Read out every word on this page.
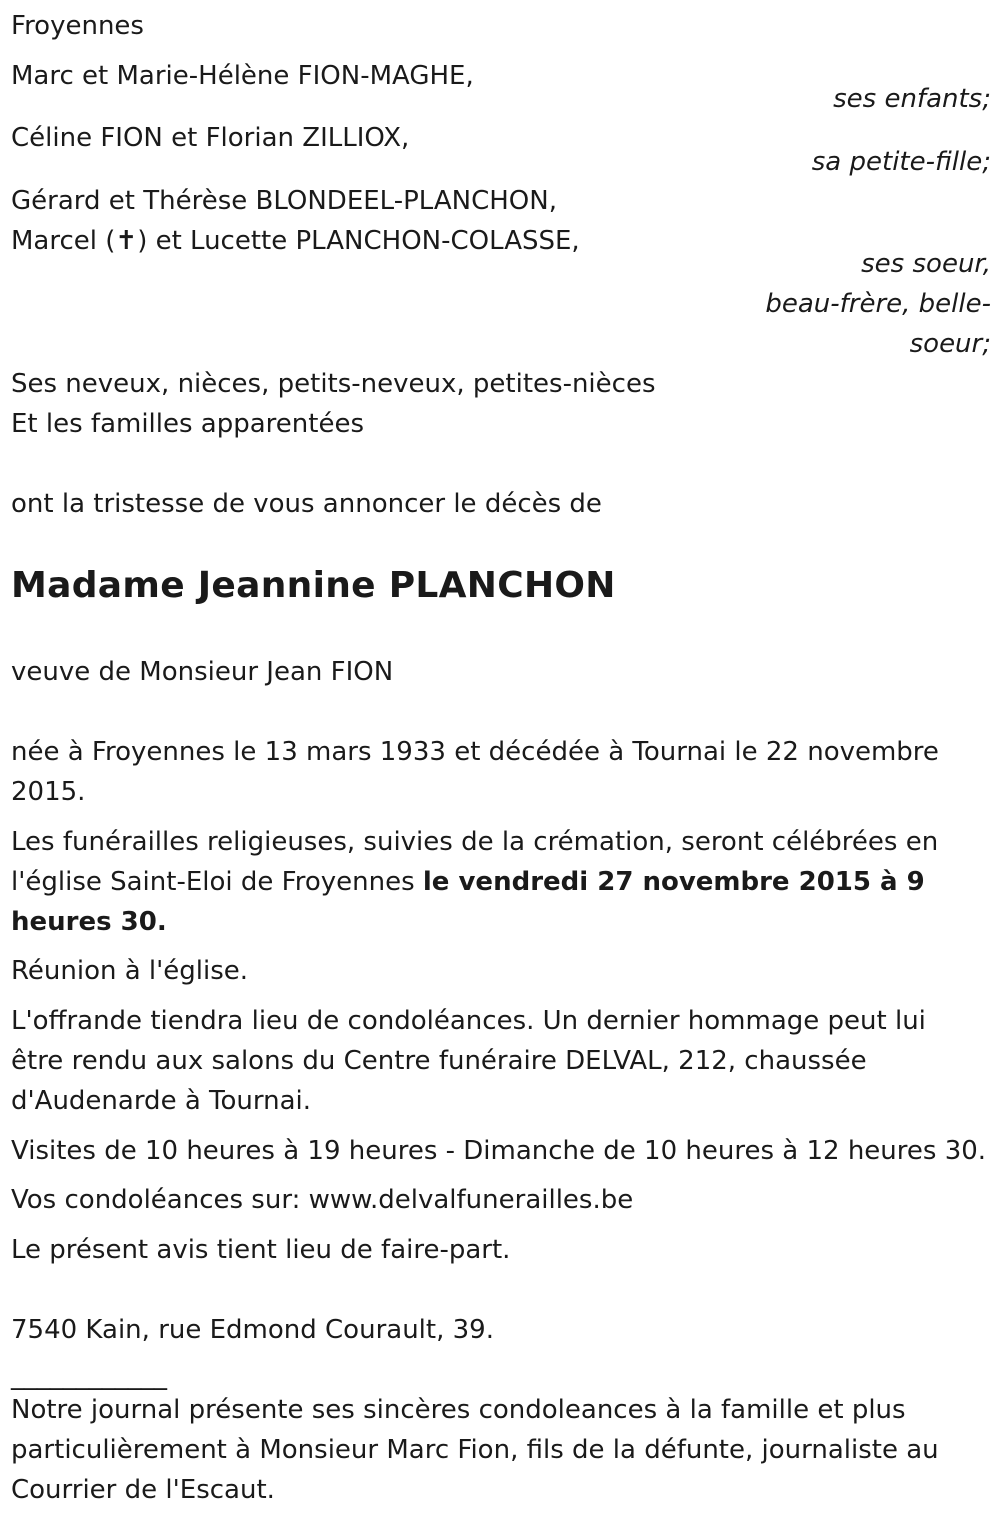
Froyennes

Marc et Marie-Hélène FION-MAGHE,

ses enfants;

Céline FION et Florian ZILLIOX,

sa petite-fille;

Gérard et Thérèse BLONDEEL-PLANCHON,

Marcel (✝) et Lucette PLANCHON-COLASSE,

ses soeur,

beau-frère, belle-

soeur;

Ses neveux, nièces, petits-neveux, petites-nièces

Et les familles apparentées

ont la tristesse de vous annoncer le décès de

Madame Jeannine PLANCHON

veuve de Monsieur Jean FION

née à Froyennes le 13 mars 1933 et décédée à Tournai le 22 novembre

2015.

Les funérailles religieuses, suivies de la crémation, seront célébrées en

l'église Saint-Eloi de Froyennes le vendredi 27 novembre 2015 à 9

heures 30.

Réunion à l'église.

L'offrande tiendra lieu de condoléances. Un dernier hommage peut lui

être rendu aux salons du Centre funéraire DELVAL, 212, chaussée

d'Audenarde à Tournai.

Visites de 10 heures à 19 heures - Dimanche de 10 heures à 12 heures 30.

Vos condoléances sur: www.delvalfunerailles.be

Le présent avis tient lieu de faire-part.

7540 Kain, rue Edmond Courault, 39.

____________

Notre journal présente ses sincères condoleances à la famille et plus

particulièrement à Monsieur Marc Fion, fils de la défunte, journaliste au

Courrier de l'Escaut.
